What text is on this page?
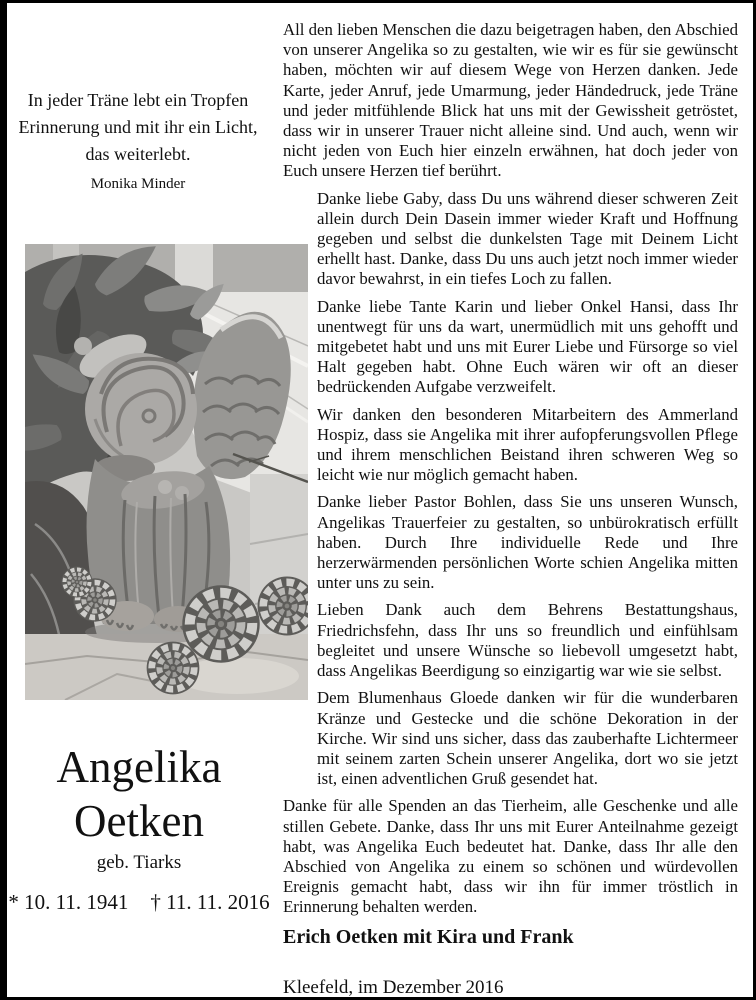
In jeder Träne lebt ein Tropfen
Erinnerung und mit ihr ein Licht,
das weiterlebt.
Monika Minder
Angelika
Oetken
geb. Tiarks
* 10. 11. 1941 † 11. 11. 2016

All den lieben Menschen die dazu beigetragen haben, den Abschied von unserer Angelika so zu gestalten, wie wir es für sie gewünscht haben, möchten wir auf diesem Wege von Herzen danken. Jede Karte, jeder Anruf, jede Umarmung, jeder Händedruck, jede Träne und jeder mitfühlende Blick hat uns mit der Gewissheit getröstet, dass wir in unserer Trauer nicht alleine sind. Und auch, wenn wir nicht jeden von Euch hier einzeln erwähnen, hat doch jeder von Euch unsere Herzen tief berührt.

Danke liebe Gaby, dass Du uns während dieser schweren Zeit allein durch Dein Dasein immer wieder Kraft und Hoffnung gegeben und selbst die dunkelsten Tage mit Deinem Licht erhellt hast. Danke, dass Du uns auch jetzt noch immer wieder davor bewahrst, in ein tiefes Loch zu fallen.

Danke liebe Tante Karin und lieber Onkel Hansi, dass Ihr unentwegt für uns da wart, unermüdlich mit uns gehofft und mitgebetet habt und uns mit Eurer Liebe und Fürsorge so viel Halt gegeben habt. Ohne Euch wären wir oft an dieser bedrückenden Aufgabe verzweifelt.

Wir danken den besonderen Mitarbeitern des Ammerland Hospiz, dass sie Angelika mit ihrer aufopferungsvollen Pflege und ihrem menschlichen Beistand ihren schweren Weg so leicht wie nur möglich gemacht haben.

Danke lieber Pastor Bohlen, dass Sie uns unseren Wunsch, Angelikas Trauerfeier zu gestalten, so unbürokratisch erfüllt haben. Durch Ihre individuelle Rede und Ihre herzerwärmenden persönlichen Worte schien Angelika mitten unter uns zu sein.

Lieben Dank auch dem Behrens Bestattungshaus, Friedrichsfehn, dass Ihr uns so freundlich und einfühlsam begleitet und unsere Wünsche so liebevoll umgesetzt habt, dass Angelikas Beerdigung so einzigartig war wie sie selbst.

Dem Blumenhaus Gloede danken wir für die wunderbaren Kränze und Gestecke und die schöne Dekoration in der Kirche. Wir sind uns sicher, dass das zauberhafte Lichtermeer mit seinem zarten Schein unserer Angelika, dort wo sie jetzt ist, einen adventlichen Gruß gesendet hat.

Danke für alle Spenden an das Tierheim, alle Geschenke und alle stillen Gebete. Danke, dass Ihr uns mit Eurer Anteilnahme gezeigt habt, was Angelika Euch bedeutet hat. Danke, dass Ihr alle den Abschied von Angelika zu einem so schönen und würdevollen Ereignis gemacht habt, dass wir ihn für immer tröstlich in Erinnerung behalten werden.

Erich Oetken mit Kira und Frank
Kleefeld, im Dezember 2016
